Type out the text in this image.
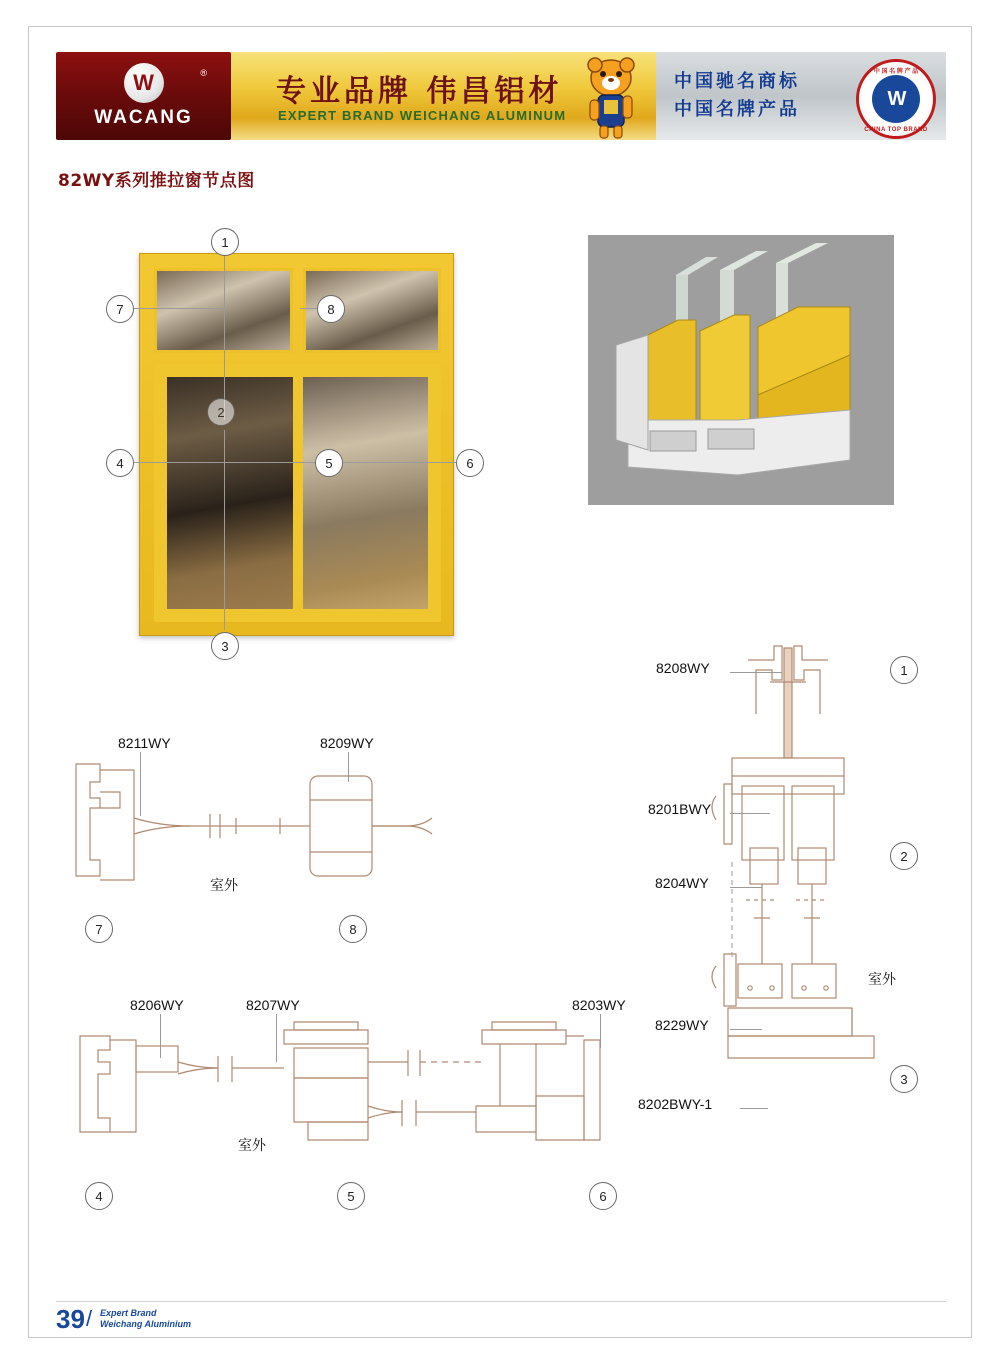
W
WACANG
®
专业品牌 伟昌铝材
EXPERT BRAND WEICHANG ALUMINUM
中国驰名商标
中国名牌产品
中 国 名 牌 产 品
W
CHINA TOP BRAND
82WY系列推拉窗节点图
1
7	8
4	5	6
3
2
8208WY	1
8201BWY
2
8204WY
室外
8229WY
8202BWY-1
3
8211WY	8209WY
室外
7	8
8206WY	8207WY	8203WY
室外
4	5	6
39 / Expert Brand
Weichang Aluminium
